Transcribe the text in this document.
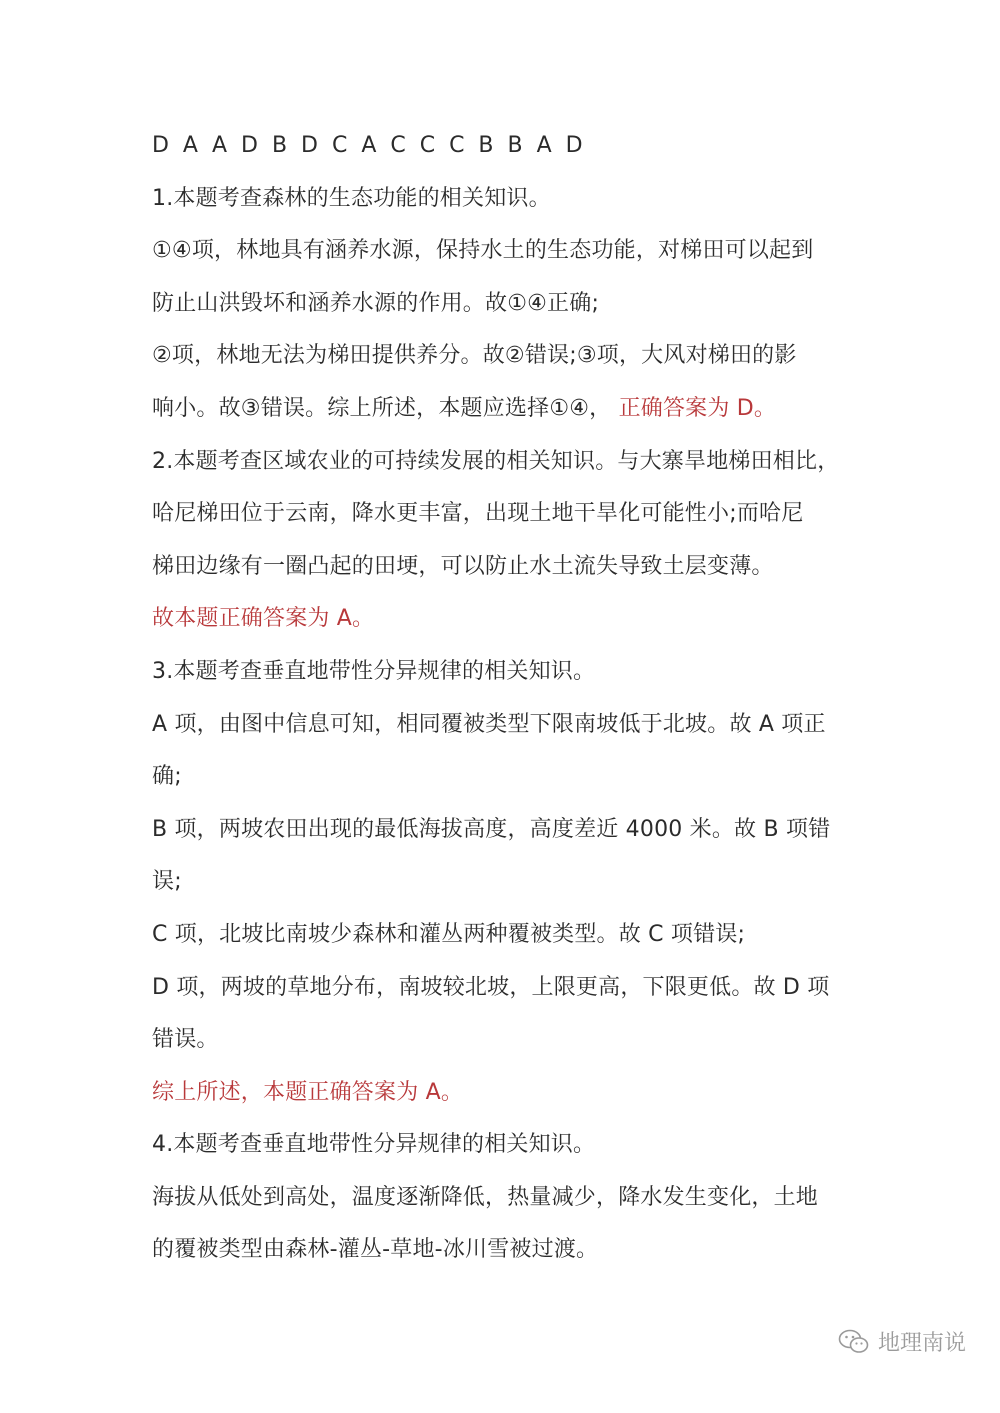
D A A D B D C A C C C B B A D
1.本题考查森林的生态功能的相关知识。
①④项，林地具有涵养水源，保持水土的生态功能，对梯田可以起到
防止山洪毁坏和涵养水源的作用。故①④正确;
②项，林地无法为梯田提供养分。故②错误;③项，大风对梯田的影
响小。故③错误。综上所述，本题应选择①④， 正确答案为 D。
2.本题考查区域农业的可持续发展的相关知识。与大寨旱地梯田相比，
哈尼梯田位于云南，降水更丰富，出现土地干旱化可能性小;而哈尼
梯田边缘有一圈凸起的田埂，可以防止水土流失导致土层变薄。
故本题正确答案为 A。
3.本题考查垂直地带性分异规律的相关知识。
A 项，由图中信息可知，相同覆被类型下限南坡低于北坡。故 A 项正
确;
B 项，两坡农田出现的最低海拔高度，高度差近 4000 米。故 B 项错
误;
C 项，北坡比南坡少森林和灌丛两种覆被类型。故 C 项错误;
D 项，两坡的草地分布，南坡较北坡，上限更高，下限更低。故 D 项
错误。
综上所述，本题正确答案为 A。
4.本题考查垂直地带性分异规律的相关知识。
海拔从低处到高处，温度逐渐降低，热量减少，降水发生变化，土地
的覆被类型由森林-灌丛-草地-冰川雪被过渡。
地理南说
